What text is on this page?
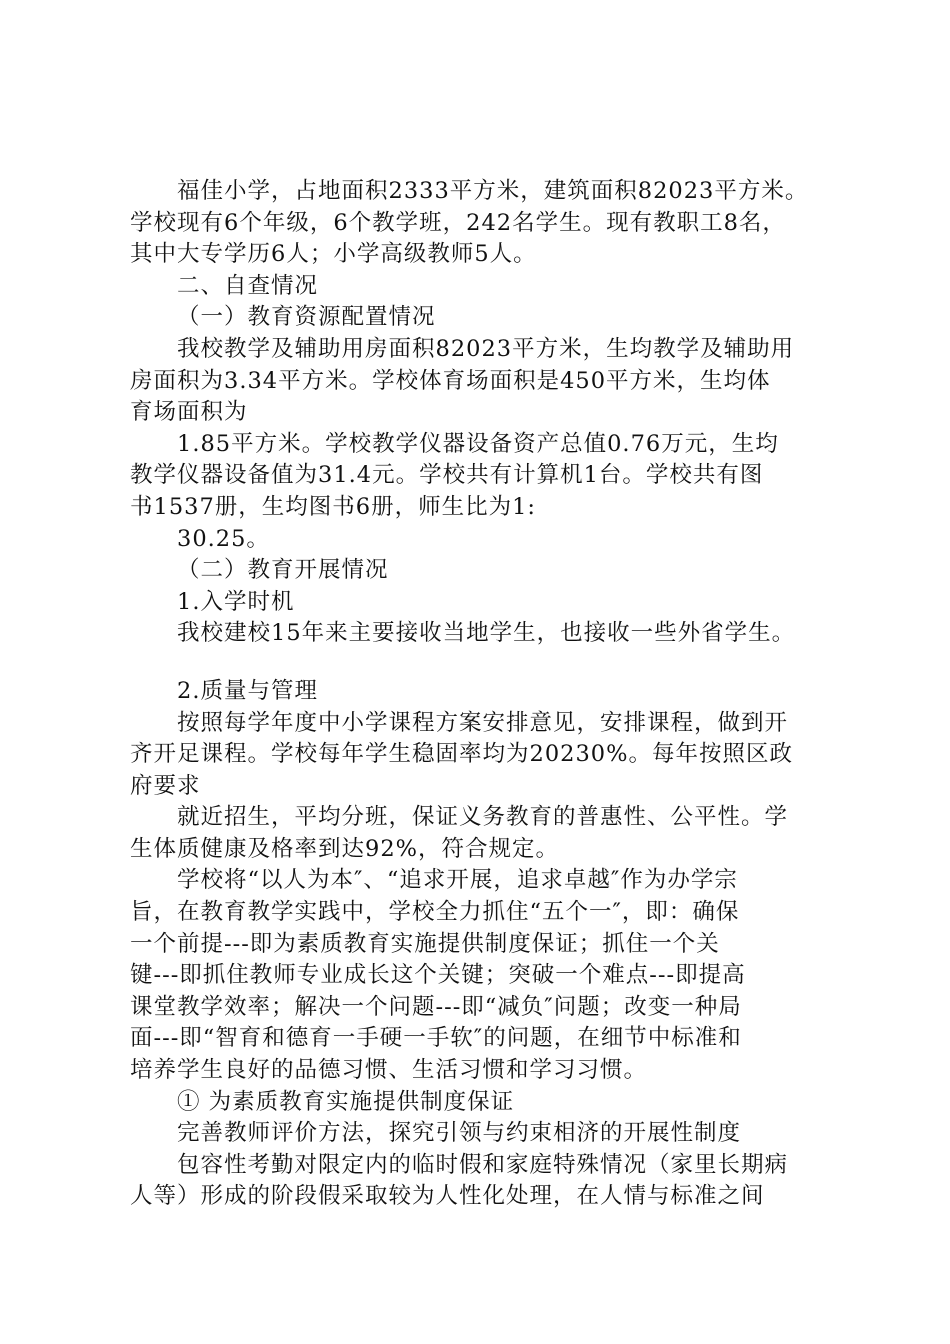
福佳小学，占地面积2333平方米，建筑面积82023平方米。
学校现有6个年级，6个教学班，242名学生。现有教职工8名，
其中大专学历6人；小学高级教师5人。
二、自查情况
（一）教育资源配置情况
我校教学及辅助用房面积82023平方米，生均教学及辅助用
房面积为3.34平方米。学校体育场面积是450平方米，生均体
育场面积为
1.85平方米。学校教学仪器设备资产总值0.76万元，生均
教学仪器设备值为31.4元。学校共有计算机1台。学校共有图
书1537册，生均图书6册，师生比为1:
30.25。
（二）教育开展情况
1.入学时机
我校建校15年来主要接收当地学生，也接收一些外省学生。
2.质量与管理
按照每学年度中小学课程方案安排意见，安排课程，做到开
齐开足课程。学校每年学生稳固率均为20230%。每年按照区政
府要求
就近招生，平均分班，保证义务教育的普惠性、公平性。学
生体质健康及格率到达92%，符合规定。
学校将“以人为本″、“追求开展，追求卓越″作为办学宗
旨，在教育教学实践中，学校全力抓住“五个一″，即：确保
一个前提---即为素质教育实施提供制度保证；抓住一个关
键---即抓住教师专业成长这个关键；突破一个难点---即提高
课堂教学效率；解决一个问题---即“减负″问题；改变一种局
面---即“智育和德育一手硬一手软″的问题，在细节中标准和
培养学生良好的品德习惯、生活习惯和学习习惯。
① 为素质教育实施提供制度保证
完善教师评价方法，探究引领与约束相济的开展性制度
包容性考勤对限定内的临时假和家庭特殊情况（家里长期病
人等）形成的阶段假采取较为人性化处理，在人情与标准之间
